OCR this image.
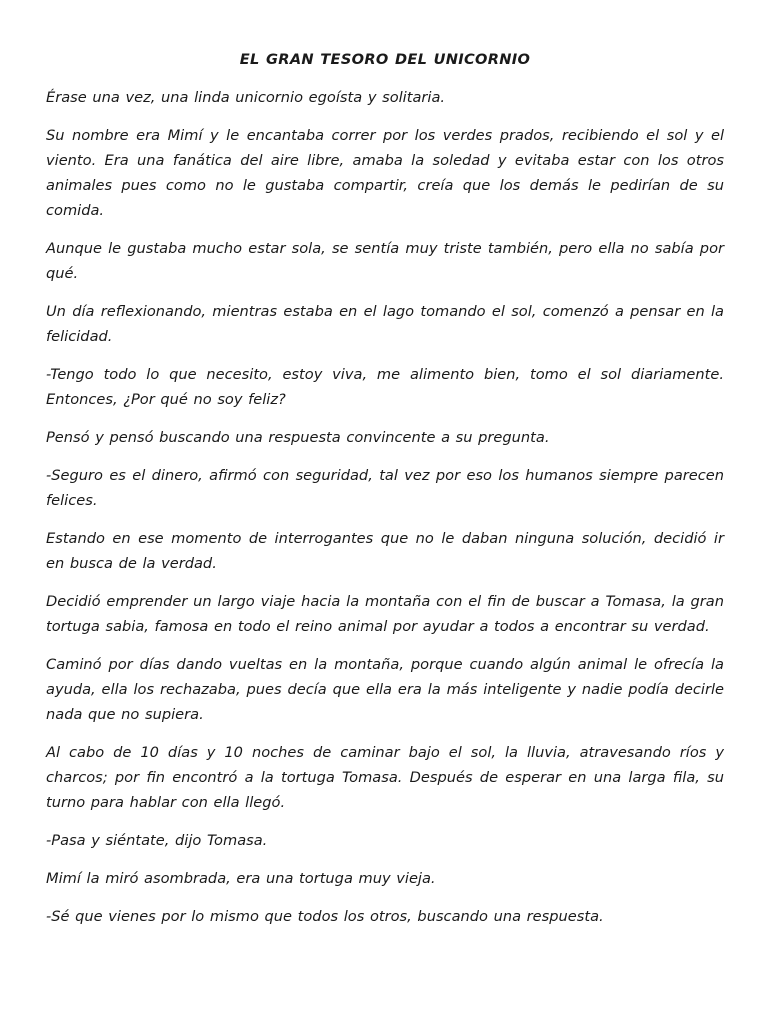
EL GRAN TESORO DEL UNICORNIO

Érase una vez, una linda unicornio egoísta y solitaria.

Su nombre era Mimí y le encantaba correr por los verdes prados, recibiendo el sol y el viento. Era una fanática del aire libre, amaba la soledad y evitaba estar con los otros animales pues como no le gustaba compartir, creía que los demás le pedirían de su comida.

Aunque le gustaba mucho estar sola, se sentía muy triste también, pero ella no sabía por qué.

Un día reflexionando, mientras estaba en el lago tomando el sol, comenzó a pensar en la felicidad.

-Tengo todo lo que necesito, estoy viva, me alimento bien, tomo el sol diariamente. Entonces, ¿Por qué no soy feliz?

Pensó y pensó buscando una respuesta convincente a su pregunta.

-Seguro es el dinero, afirmó con seguridad, tal vez por eso los humanos siempre parecen felices.

Estando en ese momento de interrogantes que no le daban ninguna solución, decidió ir en busca de la verdad.

Decidió emprender un largo viaje hacia la montaña con el fin de buscar a Tomasa, la gran tortuga sabia, famosa en todo el reino animal por ayudar a todos a encontrar su verdad.

Caminó por días dando vueltas en la montaña, porque cuando algún animal le ofrecía la ayuda, ella los rechazaba, pues decía que ella era la más inteligente y nadie podía decirle nada que no supiera.

Al cabo de 10 días y 10 noches de caminar bajo el sol, la lluvia, atravesando ríos y charcos; por fin encontró a la tortuga Tomasa. Después de esperar en una larga fila, su turno para hablar con ella llegó.

-Pasa y siéntate, dijo Tomasa.

Mimí la miró asombrada, era una tortuga muy vieja.

-Sé que vienes por lo mismo que todos los otros, buscando una respuesta.
